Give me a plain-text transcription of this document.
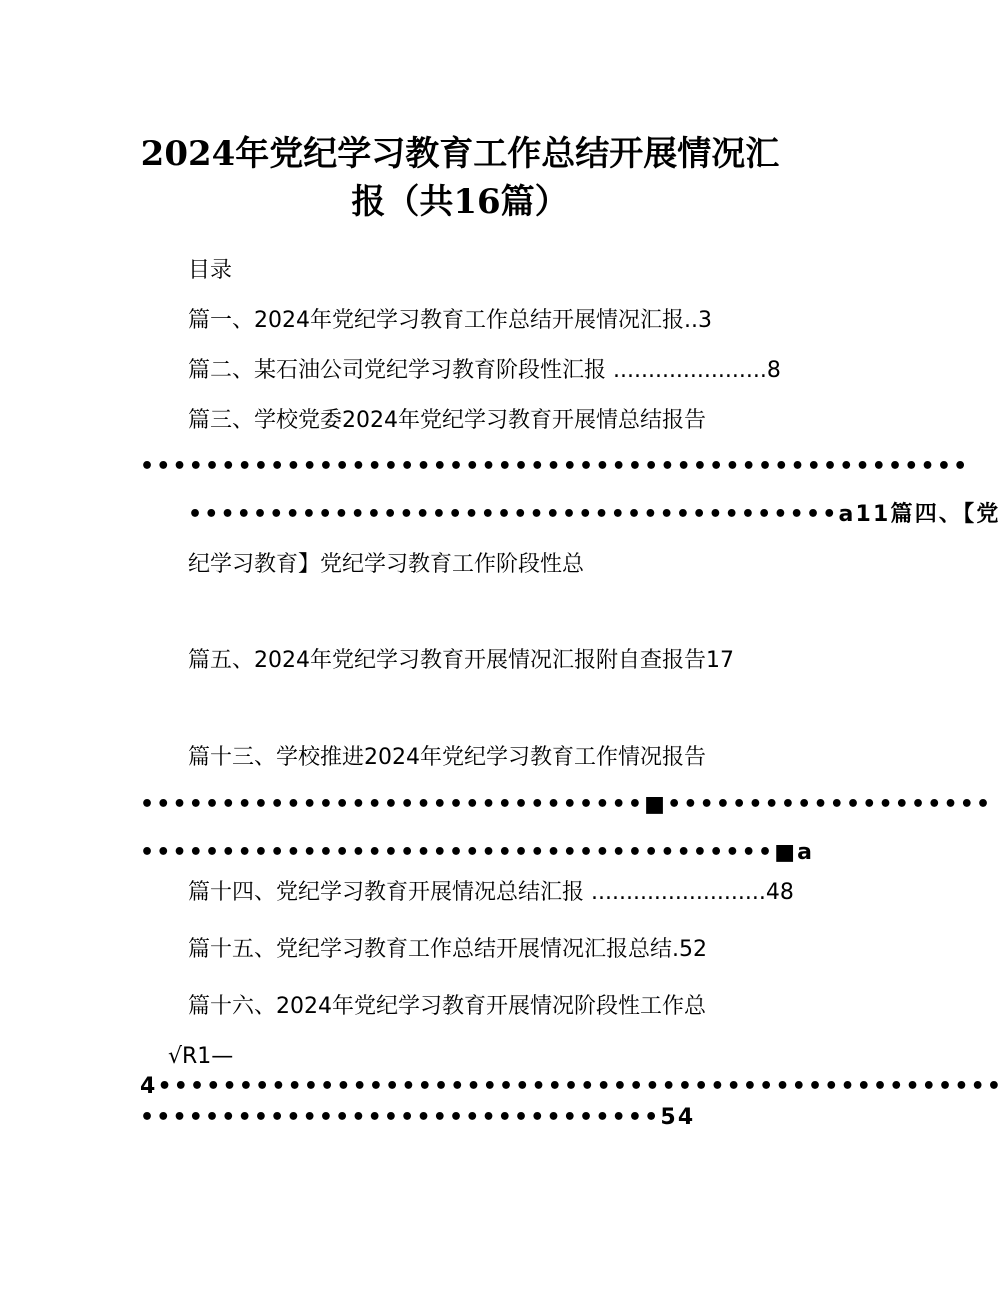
2024年党纪学习教育工作总结开展情况汇
报（共16篇）
目录
篇一、2024年党纪学习教育工作总结开展情况汇报..3
篇二、某石油公司党纪学习教育阶段性汇报 ......................8
篇三、学校党委2024年党纪学习教育开展情总结报告
•••••••••••••••••••••••••••••••••••••••••••••••••••
••••••••••••••••••••••••••••••••••••••••a11篇四、【党
纪学习教育】党纪学习教育工作阶段性总
篇五、2024年党纪学习教育开展情况汇报附自查报告17
篇十三、学校推进2024年党纪学习教育工作情况报告
•••••••••••••••••••••••••••••••■••••••••••••••••••••
•••••••••••••••••••••••••••••••••••••••■a
篇十四、党纪学习教育开展情况总结汇报 .........................48
篇十五、党纪学习教育工作总结开展情况汇报总结.52
篇十六、2024年党纪学习教育开展情况阶段性工作总
√R1—
4••••••••••••••••••••••••••••••••••••••••••••••••••••
••••••••••••••••••••••••••••••••54
